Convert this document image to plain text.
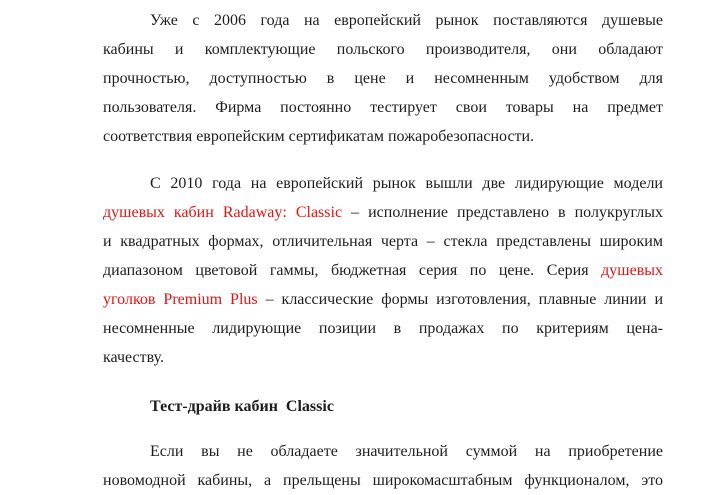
Уже с 2006 года на европейский рынок поставляются душевые
кабины и комплектующие польского производителя, они обладают
прочностью, доступностью в цене и несомненным удобством для
пользователя. Фирма постоянно тестирует свои товары на предмет
соответствия европейским сертификатам пожаробезопасности.
С 2010 года на европейский рынок вышли две лидирующие модели
душевых кабин Radaway: Classic – исполнение представлено в полукруглых
и квадратных формах, отличительная черта – стекла представлены широким
диапазоном цветовой гаммы, бюджетная серия по цене. Серия душевых
уголков Premium Plus – классические формы изготовления, плавные линии и
несомненные лидирующие позиции в продажах по критериям цена-
качеству.
Тест-драйв кабин  Classic
Если вы не обладаете значительной суммой на приобретение
новомодной кабины, а прельщены широкомасштабным функционалом, это
